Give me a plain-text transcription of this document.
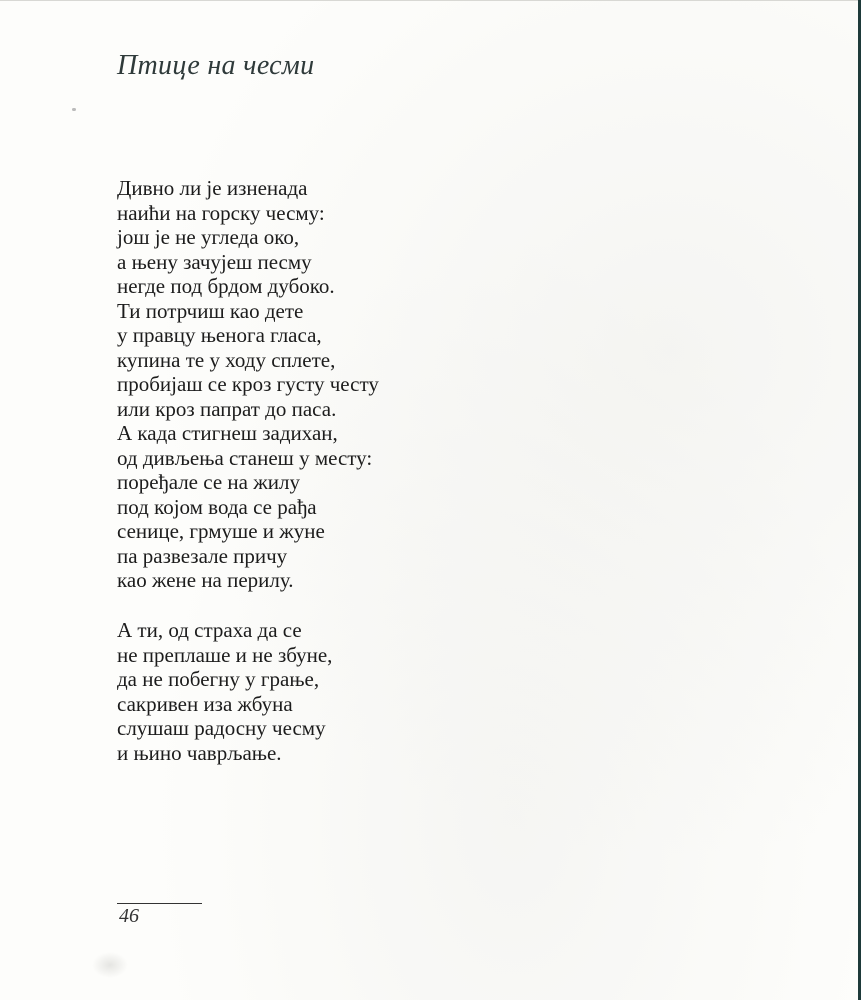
Птице на чесми
Дивно ли је изненада
наићи на горску чесму:
још је не угледа око,
а њену зачујеш песму
негде под брдом дубоко.
Ти потрчиш као дете
у правцу њенога гласа,
купина те у ходу сплете,
пробијаш се кроз густу честу
или кроз папрат до паса.
А када стигнеш задихан,
од дивљења станеш у месту:
поређале се на жилу
под којом вода се рађа
сенице, грмуше и жуне
па развезале причу
као жене на перилу.
А ти, од страха да се
не преплаше и не збуне,
да не побегну у грање,
сакривен иза жбуна
слушаш радосну чесму
и њино чаврљање.
46
